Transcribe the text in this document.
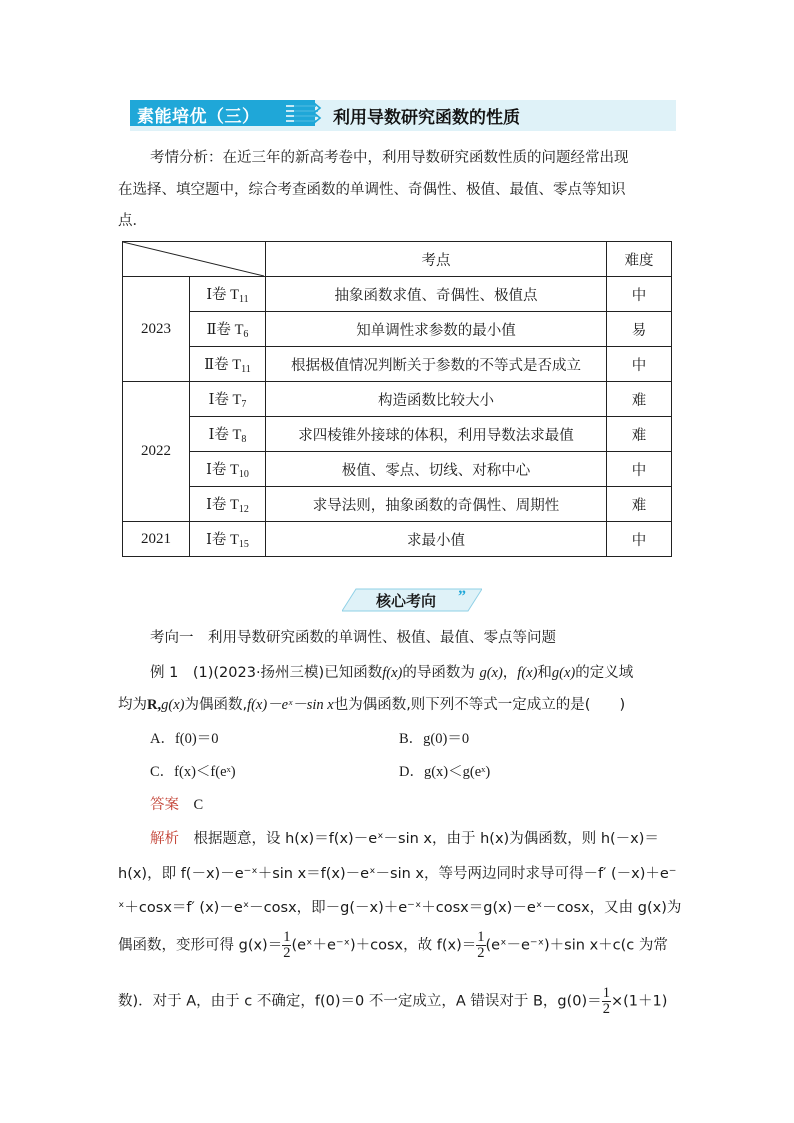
素能培优（三）	利用导数研究函数的性质
考情分析：在近三年的新高考卷中，利用导数研究函数性质的问题经常出现
在选择、填空题中，综合考查函数的单调性、奇偶性、极值、最值、零点等知识
点．
	考点	难度
2023	Ⅰ卷 $T_{11}$	抽象函数求值、奇偶性、极值点	中
	Ⅱ卷 $T_6$	知单调性求参数的最小值	易
	Ⅱ卷 $T_{11}$	根据极值情况判断关于参数的不等式是否成立	中
2022	Ⅰ卷 $T_7$	构造函数比较大小	难
	Ⅰ卷 $T_8$	求四棱锥外接球的体积，利用导数法求最值	难
	Ⅰ卷 $T_{10}$	极值、零点、切线、对称中心	中
	Ⅰ卷 $T_{12}$	求导法则，抽象函数的奇偶性、周期性	难
2021	Ⅰ卷 $T_{15}$	求最小值	中
”
核心考向
考向一　利用导数研究函数的单调性、极值、最值、零点等问题
例 1　 (1)(2023·扬州三模)已知函数f(x)的导函数为 g(x)，f(x)和g(x)的定义域
均为R,g(x)为偶函数,f(x)－eˣ－sin x也为偶函数,则下列不等式一定成立的是(　　)
A．f(0)＝0	B．g(0)＝0
C．f(x)＜f(eˣ)	D．g(x)＜g(eˣ)
答案　 C
解析　 根据题意，设 h(x)＝f(x)－eˣ－sin x，由于 h(x)为偶函数，则 h(－x)＝
h(x)，即 f(－x)－e⁻ˣ＋sin x＝f(x)－eˣ－sin x，等号两边同时求导可得－f′ (－x)＋e⁻
ˣ＋cosx＝f′ (x)－eˣ－cosx，即－g(－x)＋e⁻ˣ＋cosx＝g(x)－eˣ－cosx，又由 g(x)为
偶函数，变形可得 $g(x)= \frac{1}{2}$ (eˣ＋e⁻ˣ)＋cosx，故 $f(x)= \frac{1}{2}$ (eˣ－e⁻ˣ)＋sin x＋c(c 为常
数)．对于 A，由于 c 不确定，f(0)＝0 不一定成立，A 错误对于 B，$g(0)= \frac{1}{2} \times(1+1)$
